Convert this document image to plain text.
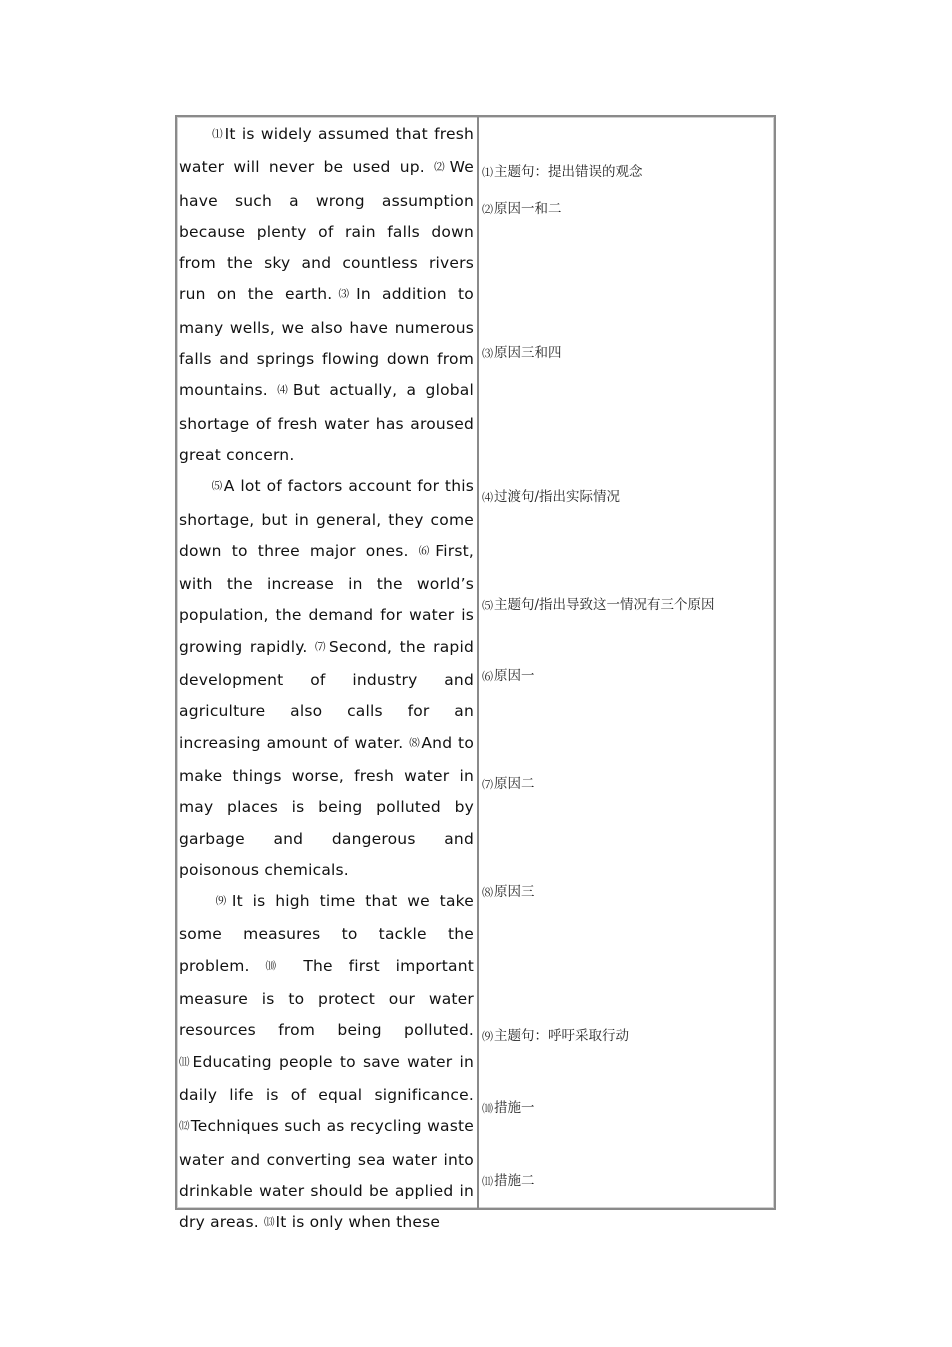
⑴It is widely assumed that fresh water will never be used up. ⑵We have such a wrong assumption because plenty of rain falls down from the sky and countless rivers run on the earth.⑶In addition to many wells, we also have numerous falls and springs flowing down from mountains. ⑷But actually, a global shortage of fresh water has aroused great concern.

⑸A lot of factors account for this shortage, but in general, they come down to three major ones. ⑹First, with the increase in the world’s population, the demand for water is growing rapidly. ⑺Second, the rapid development of industry and agriculture also calls for an increasing amount of water. ⑻And to make things worse, fresh water in may places is being polluted by garbage and dangerous and poisonous chemicals.

⑼It is high time that we take some measures to tackle the problem. ⑽ The first important measure is to protect our water resources from being polluted. ⑾Educating people to save water in daily life is of equal significance. ⑿Techniques such as recycling waste water and converting sea water into drinkable water should be applied in dry areas. ⒀It is only when these

⑴主题句：提出错误的观念
⑵原因一和二
⑶原因三和四
⑷过渡句/指出实际情况
⑸主题句/指出导致这一情况有三个原因
⑹原因一
⑺原因二
⑻原因三
⑼主题句：呼吁采取行动
⑽措施一
⑾措施二
